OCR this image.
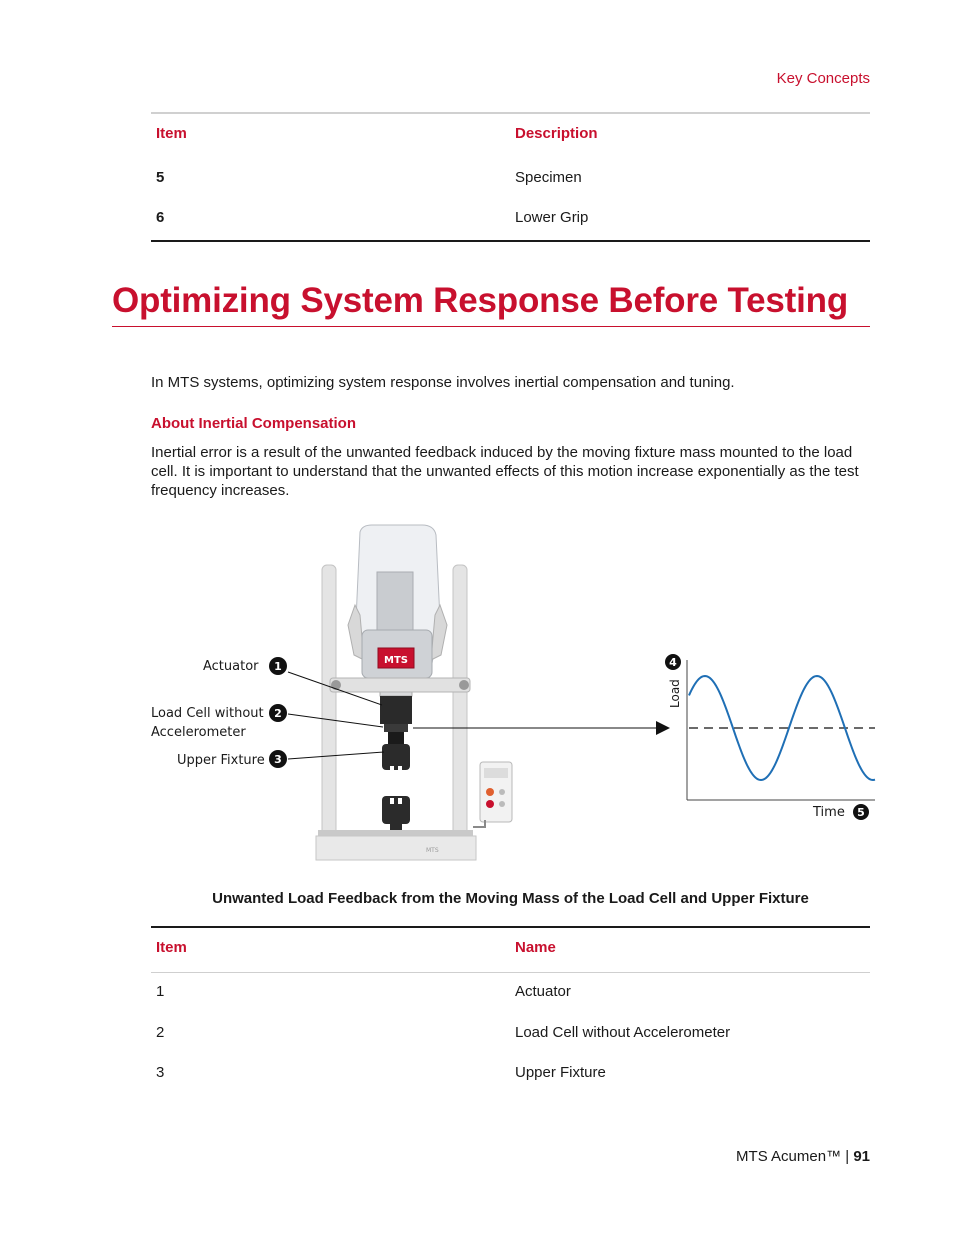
Key Concepts
Item	Description
5	Specimen
6	Lower Grip
Optimizing System Response Before Testing
In MTS systems, optimizing system response involves inertial compensation and tuning.
About Inertial Compensation
Inertial error is a result of the unwanted feedback induced by the moving fixture mass mounted to the load cell. It is important to understand that the unwanted effects of this motion increase exponentially as the test frequency increases.
MTS
MTS
Actuator 1
Load Cell without
Accelerometer
2
Upper Fixture 3
4
Load
Time 5
Unwanted Load Feedback from the Moving Mass of the Load Cell and Upper Fixture
Item	Name
1	Actuator
2	Load Cell without Accelerometer
3	Upper Fixture
MTS Acumen™ | 91
